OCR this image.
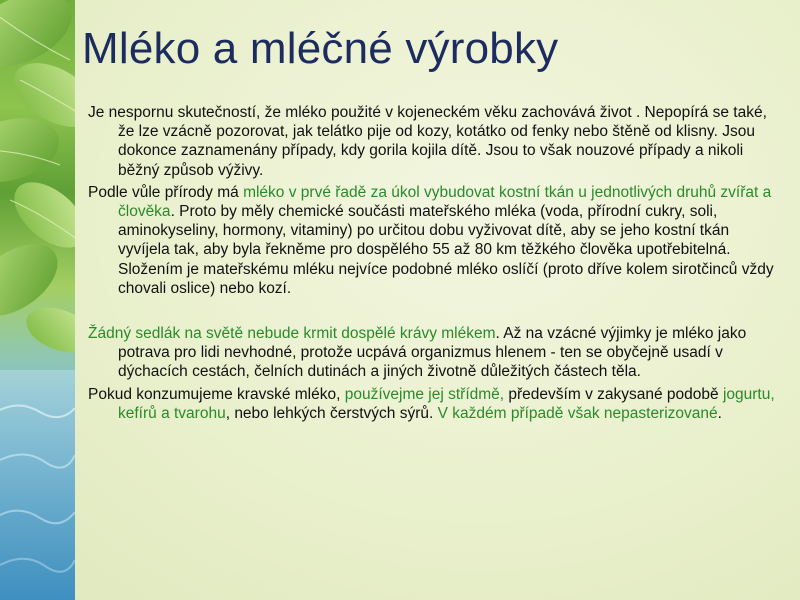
Mléko a mléčné výrobky

Je nespornu skutečností, že mléko použité v kojeneckém věku zachovává život . Nepopírá se také, že lze vzácně pozorovat, jak telátko pije od kozy, kotátko od fenky nebo štěně od klisny. Jsou dokonce zaznamenány případy, kdy gorila kojila dítě. Jsou to však nouzové případy a nikoli běžný způsob výživy.

Podle vůle přírody má mléko v prvé řadě za úkol vybudovat kostní tkán u jednotlivých druhů zvířat a člověka. Proto by měly chemické součásti mateřského mléka (voda, přírodní cukry, soli, aminokyseliny, hormony, vitaminy) po určitou dobu vyživovat dítě, aby se jeho kostní tkán vyvíjela tak, aby byla řekněme pro dospělého 55 až 80 km těžkého člověka upotřebitelná. Složením je mateřskému mléku nejvíce podobné mléko oslíčí (proto dříve kolem sirotčinců vždy chovali oslice) nebo kozí.

Žádný sedlák na světě nebude krmit dospělé krávy mlékem. Až na vzácné výjimky je mléko jako potrava pro lidi nevhodné, protože ucpává organizmus hlenem - ten se obyčejně usadí v dýchacích cestách, čelních dutinách a jiných životně důležitých částech těla.

Pokud konzumujeme kravské mléko, používejme jej střídmě, především v zakysané podobě jogurtu, kefírů a tvarohu, nebo lehkých čerstvých sýrů. V každém případě však nepasterizované.
